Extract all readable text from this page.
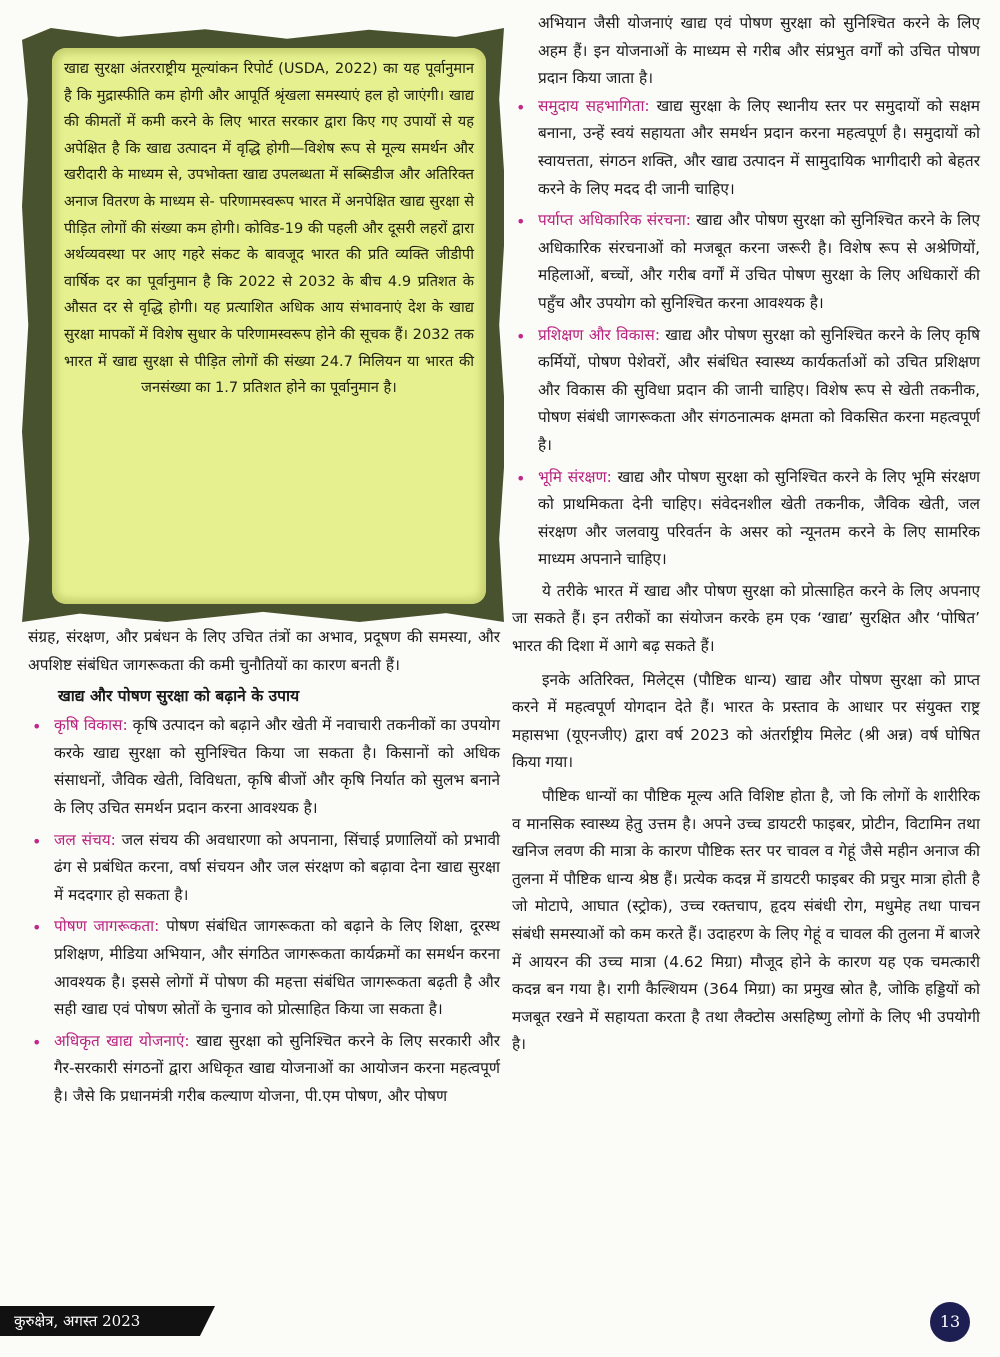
खाद्य सुरक्षा अंतरराष्ट्रीय मूल्यांकन रिपोर्ट (USDA, 2022) का यह पूर्वानुमान है कि मुद्रास्फीति कम होगी और आपूर्ति श्रृंखला समस्याएं हल हो जाएंगी। खाद्य की कीमतों में कमी करने के लिए भारत सरकार द्वारा किए गए उपायों से यह अपेक्षित है कि खाद्य उत्पादन में वृद्धि होगी—विशेष रूप से मूल्य समर्थन और खरीदारी के माध्यम से, उपभोक्ता खाद्य उपलब्धता में सब्सिडीज और अतिरिक्त अनाज वितरण के माध्यम से- परिणामस्वरूप भारत में अनपेक्षित खाद्य सुरक्षा से पीड़ित लोगों की संख्या कम होगी। कोविड-19 की पहली और दूसरी लहरों द्वारा अर्थव्यवस्था पर आए गहरे संकट के बावजूद भारत की प्रति व्यक्ति जीडीपी वार्षिक दर का पूर्वानुमान है कि 2022 से 2032 के बीच 4.9 प्रतिशत के औसत दर से वृद्धि होगी। यह प्रत्याशित अधिक आय संभावनाएं देश के खाद्य सुरक्षा मापकों में विशेष सुधार के परिणामस्वरूप होने की सूचक हैं। 2032 तक भारत में खाद्य सुरक्षा से पीड़ित लोगों की संख्या 24.7 मिलियन या भारत की जनसंख्या का 1.7 प्रतिशत होने का पूर्वानुमान है।

संग्रह, संरक्षण, और प्रबंधन के लिए उचित तंत्रों का अभाव, प्रदूषण की समस्या, और अपशिष्ट संबंधित जागरूकता की कमी चुनौतियों का कारण बनती हैं।

खाद्य और पोषण सुरक्षा को बढ़ाने के उपाय
• कृषि विकास: कृषि उत्पादन को बढ़ाने और खेती में नवाचारी तकनीकों का उपयोग करके खाद्य सुरक्षा को सुनिश्चित किया जा सकता है। किसानों को अधिक संसाधनों, जैविक खेती, विविधता, कृषि बीजों और कृषि निर्यात को सुलभ बनाने के लिए उचित समर्थन प्रदान करना आवश्यक है।

• जल संचय: जल संचय की अवधारणा को अपनाना, सिंचाई प्रणालियों को प्रभावी ढंग से प्रबंधित करना, वर्षा संचयन और जल संरक्षण को बढ़ावा देना खाद्य सुरक्षा में मददगार हो सकता है।

• पोषण जागरूकता: पोषण संबंधित जागरूकता को बढ़ाने के लिए शिक्षा, दूरस्थ प्रशिक्षण, मीडिया अभियान, और संगठित जागरूकता कार्यक्रमों का समर्थन करना आवश्यक है। इससे लोगों में पोषण की महत्ता संबंधित जागरूकता बढ़ती है और सही खाद्य एवं पोषण स्रोतों के चुनाव को प्रोत्साहित किया जा सकता है।

• अधिकृत खाद्य योजनाएं: खाद्य सुरक्षा को सुनिश्चित करने के लिए सरकारी और गैर-सरकारी संगठनों द्वारा अधिकृत खाद्य योजनाओं का आयोजन करना महत्वपूर्ण है। जैसे कि प्रधानमंत्री गरीब कल्याण योजना, पी.एम पोषण, और पोषण

अभियान जैसी योजनाएं खाद्य एवं पोषण सुरक्षा को सुनिश्चित करने के लिए अहम हैं। इन योजनाओं के माध्यम से गरीब और संप्रभुत वर्गों को उचित पोषण प्रदान किया जाता है।

• समुदाय सहभागिता: खाद्य सुरक्षा के लिए स्थानीय स्तर पर समुदायों को सक्षम बनाना, उन्हें स्वयं सहायता और समर्थन प्रदान करना महत्वपूर्ण है। समुदायों को स्वायत्तता, संगठन शक्ति, और खाद्य उत्पादन में सामुदायिक भागीदारी को बेहतर करने के लिए मदद दी जानी चाहिए।

• पर्याप्त अधिकारिक संरचना: खाद्य और पोषण सुरक्षा को सुनिश्चित करने के लिए अधिकारिक संरचनाओं को मजबूत करना जरूरी है। विशेष रूप से अश्रेणियों, महिलाओं, बच्चों, और गरीब वर्गों में उचित पोषण सुरक्षा के लिए अधिकारों की पहुँच और उपयोग को सुनिश्चित करना आवश्यक है।

• प्रशिक्षण और विकास: खाद्य और पोषण सुरक्षा को सुनिश्चित करने के लिए कृषि कर्मियों, पोषण पेशेवरों, और संबंधित स्वास्थ्य कार्यकर्ताओं को उचित प्रशिक्षण और विकास की सुविधा प्रदान की जानी चाहिए। विशेष रूप से खेती तकनीक, पोषण संबंधी जागरूकता और संगठनात्मक क्षमता को विकसित करना महत्वपूर्ण है।

• भूमि संरक्षण: खाद्य और पोषण सुरक्षा को सुनिश्चित करने के लिए भूमि संरक्षण को प्राथमिकता देनी चाहिए। संवेदनशील खेती तकनीक, जैविक खेती, जल संरक्षण और जलवायु परिवर्तन के असर को न्यूनतम करने के लिए सामरिक माध्यम अपनाने चाहिए।

ये तरीके भारत में खाद्य और पोषण सुरक्षा को प्रोत्साहित करने के लिए अपनाए जा सकते हैं। इन तरीकों का संयोजन करके हम एक ‘खाद्य’ सुरक्षित और ‘पोषित’ भारत की दिशा में आगे बढ़ सकते हैं।

इनके अतिरिक्त, मिलेट्स (पौष्टिक धान्य) खाद्य और पोषण सुरक्षा को प्राप्त करने में महत्वपूर्ण योगदान देते हैं। भारत के प्रस्ताव के आधार पर संयुक्त राष्ट्र महासभा (यूएनजीए) द्वारा वर्ष 2023 को अंतर्राष्ट्रीय मिलेट (श्री अन्न) वर्ष घोषित किया गया।

पौष्टिक धान्यों का पौष्टिक मूल्य अति विशिष्ट होता है, जो कि लोगों के शारीरिक व मानसिक स्वास्थ्य हेतु उत्तम है। अपने उच्च डायटरी फाइबर, प्रोटीन, विटामिन तथा खनिज लवण की मात्रा के कारण पौष्टिक स्तर पर चावल व गेहूं जैसे महीन अनाज की तुलना में पौष्टिक धान्य श्रेष्ठ हैं। प्रत्येक कदन्न में डायटरी फाइबर की प्रचुर मात्रा होती है जो मोटापे, आघात (स्ट्रोक), उच्च रक्तचाप, हृदय संबंधी रोग, मधुमेह तथा पाचन संबंधी समस्याओं को कम करते हैं। उदाहरण के लिए गेहूं व चावल की तुलना में बाजरे में आयरन की उच्च मात्रा (4.62 मिग्रा) मौजूद होने के कारण यह एक चमत्कारी कदन्न बन गया है। रागी कैल्शियम (364 मिग्रा) का प्रमुख स्रोत है, जोकि हड्डियों को मजबूत रखने में सहायता करता है तथा लैक्टोस असहिष्णु लोगों के लिए भी उपयोगी है।

कुरुक्षेत्र, अगस्त 2023	13
